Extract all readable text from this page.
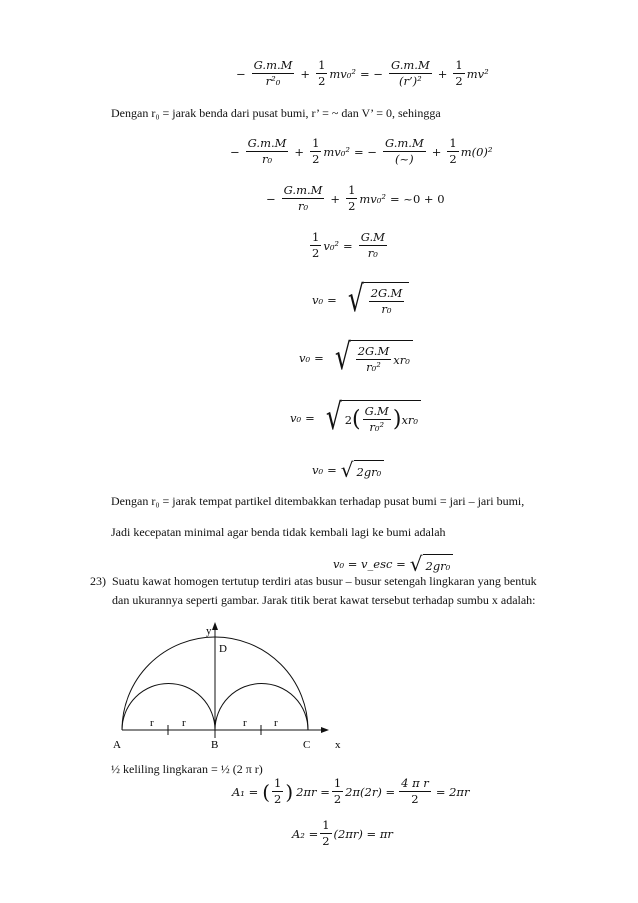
− $\frac{G.m.M}{\text{r²₀}} + \frac{1}{2} mv_0^2$ = − $\frac{G.m.M}{\text{(r’)²}} + \frac{1}{2} mv^2$
Dengan r₀ = jarak benda dari pusat bumi, r’ = ~ dan V’ = 0, sehingga
− $\frac{G.m.M}{\text{r₀}} + \frac{1}{2} mv_0^2$ = − $\frac{G.m.M}{(\sim)} + \frac{1}{2} m(0)^2$
− $\frac{G.m.M}{\text{r₀}} + \frac{1}{2} mv_0^2$ = ~0 + 0
$\frac{1}{2} v_0^2 = \frac{G.M}{\text{r₀}}$
v₀ = √ $\frac{2G.M}{\text{r₀}}$
v₀ = √ $\frac{2G.M}{\text{r₀²}} xr_0$
v₀ = √ 2 ( $\frac{G.M}{\text{r₀²}}$ ) xr₀
v₀ = √ 2gr₀
Dengan r₀ = jarak tempat partikel ditembakkan terhadap pusat bumi = jari – jari bumi,
Jadi kecepatan minimal agar benda tidak kembali lagi ke bumi adalah
v₀ = v_esc = √ 2gr₀
23) Suatu kawat homogen tertutup terdiri atas busur – busur setengah lingkaran yang bentuk
dan ukurannya seperti gambar. Jarak titik berat kawat tersebut terhadap sumbu x adalah:
y
r	r	r r
D
A	B	C x
½ keliling lingkaran = ½ (2 π r)
A₁ = ( $\frac{1}{2}$ ) $2\pi r = \frac{1}{2} 2\pi(2r) = \frac{\text{4 π r}}{2} = 2\pi r$
$A_2 = \frac{1}{2} (2\pi r) = \pi r$
